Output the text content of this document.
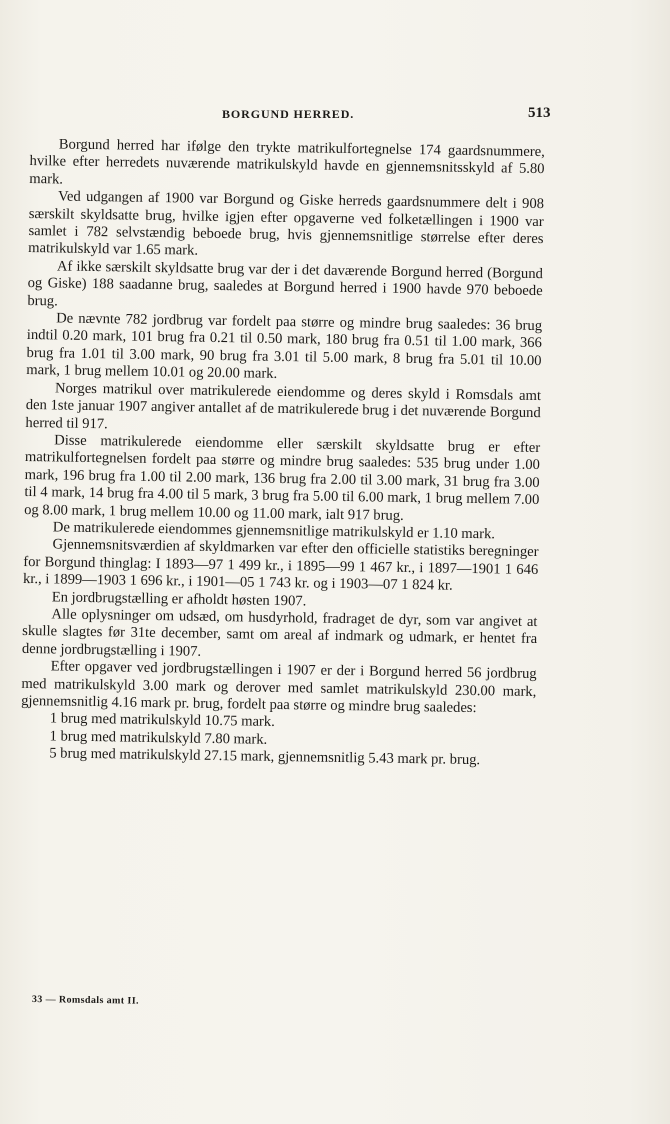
BORGUND HERRED.	513

Borgund herred har ifølge den trykte matrikulfortegnelse 174 gaardsnummere, hvilke efter herredets nuværende matrikulskyld havde en gjennemsnitsskyld af 5.80 mark.

Ved udgangen af 1900 var Borgund og Giske herreds gaardsnummere delt i 908 særskilt skyldsatte brug, hvilke igjen efter opgaverne ved folketællingen i 1900 var samlet i 782 selvstændig beboede brug, hvis gjennemsnitlige størrelse efter deres matrikulskyld var 1.65 mark.

Af ikke særskilt skyldsatte brug var der i det daværende Borgund herred (Borgund og Giske) 188 saadanne brug, saaledes at Borgund herred i 1900 havde 970 beboede brug.

De nævnte 782 jordbrug var fordelt paa større og mindre brug saaledes: 36 brug indtil 0.20 mark, 101 brug fra 0.21 til 0.50 mark, 180 brug fra 0.51 til 1.00 mark, 366 brug fra 1.01 til 3.00 mark, 90 brug fra 3.01 til 5.00 mark, 8 brug fra 5.01 til 10.00 mark, 1 brug mellem 10.01 og 20.00 mark.

Norges matrikul over matrikulerede eiendomme og deres skyld i Romsdals amt den 1ste januar 1907 angiver antallet af de matrikulerede brug i det nuværende Borgund herred til 917.

Disse matrikulerede eiendomme eller særskilt skyldsatte brug er efter matrikulfortegnelsen fordelt paa større og mindre brug saaledes: 535 brug under 1.00 mark, 196 brug fra 1.00 til 2.00 mark, 136 brug fra 2.00 til 3.00 mark, 31 brug fra 3.00 til 4 mark, 14 brug fra 4.00 til 5 mark, 3 brug fra 5.00 til 6.00 mark, 1 brug mellem 7.00 og 8.00 mark, 1 brug mellem 10.00 og 11.00 mark, ialt 917 brug.

De matrikulerede eiendommes gjennemsnitlige matrikulskyld er 1.10 mark.

Gjennemsnitsværdien af skyldmarken var efter den officielle statistiks beregninger for Borgund thinglag: I 1893—97 1 499 kr., i 1895—99 1 467 kr., i 1897—1901 1 646 kr., i 1899—1903 1 696 kr., i 1901—05 1 743 kr. og i 1903—07 1 824 kr.

En jordbrugstælling er afholdt høsten 1907.

Alle oplysninger om udsæd, om husdyrhold, fradraget de dyr, som var angivet at skulle slagtes før 31te december, samt om areal af indmark og udmark, er hentet fra denne jordbrugstælling i 1907.

Efter opgaver ved jordbrugstællingen i 1907 er der i Borgund herred 56 jordbrug med matrikulskyld 3.00 mark og derover med samlet matrikulskyld 230.00 mark, gjennemsnitlig 4.16 mark pr. brug, fordelt paa større og mindre brug saaledes:

1 brug med matrikulskyld 10.75 mark.

1 brug med matrikulskyld 7.80 mark.

5 brug med matrikulskyld 27.15 mark, gjennemsnitlig 5.43 mark pr. brug.

33 — Romsdals amt II.
